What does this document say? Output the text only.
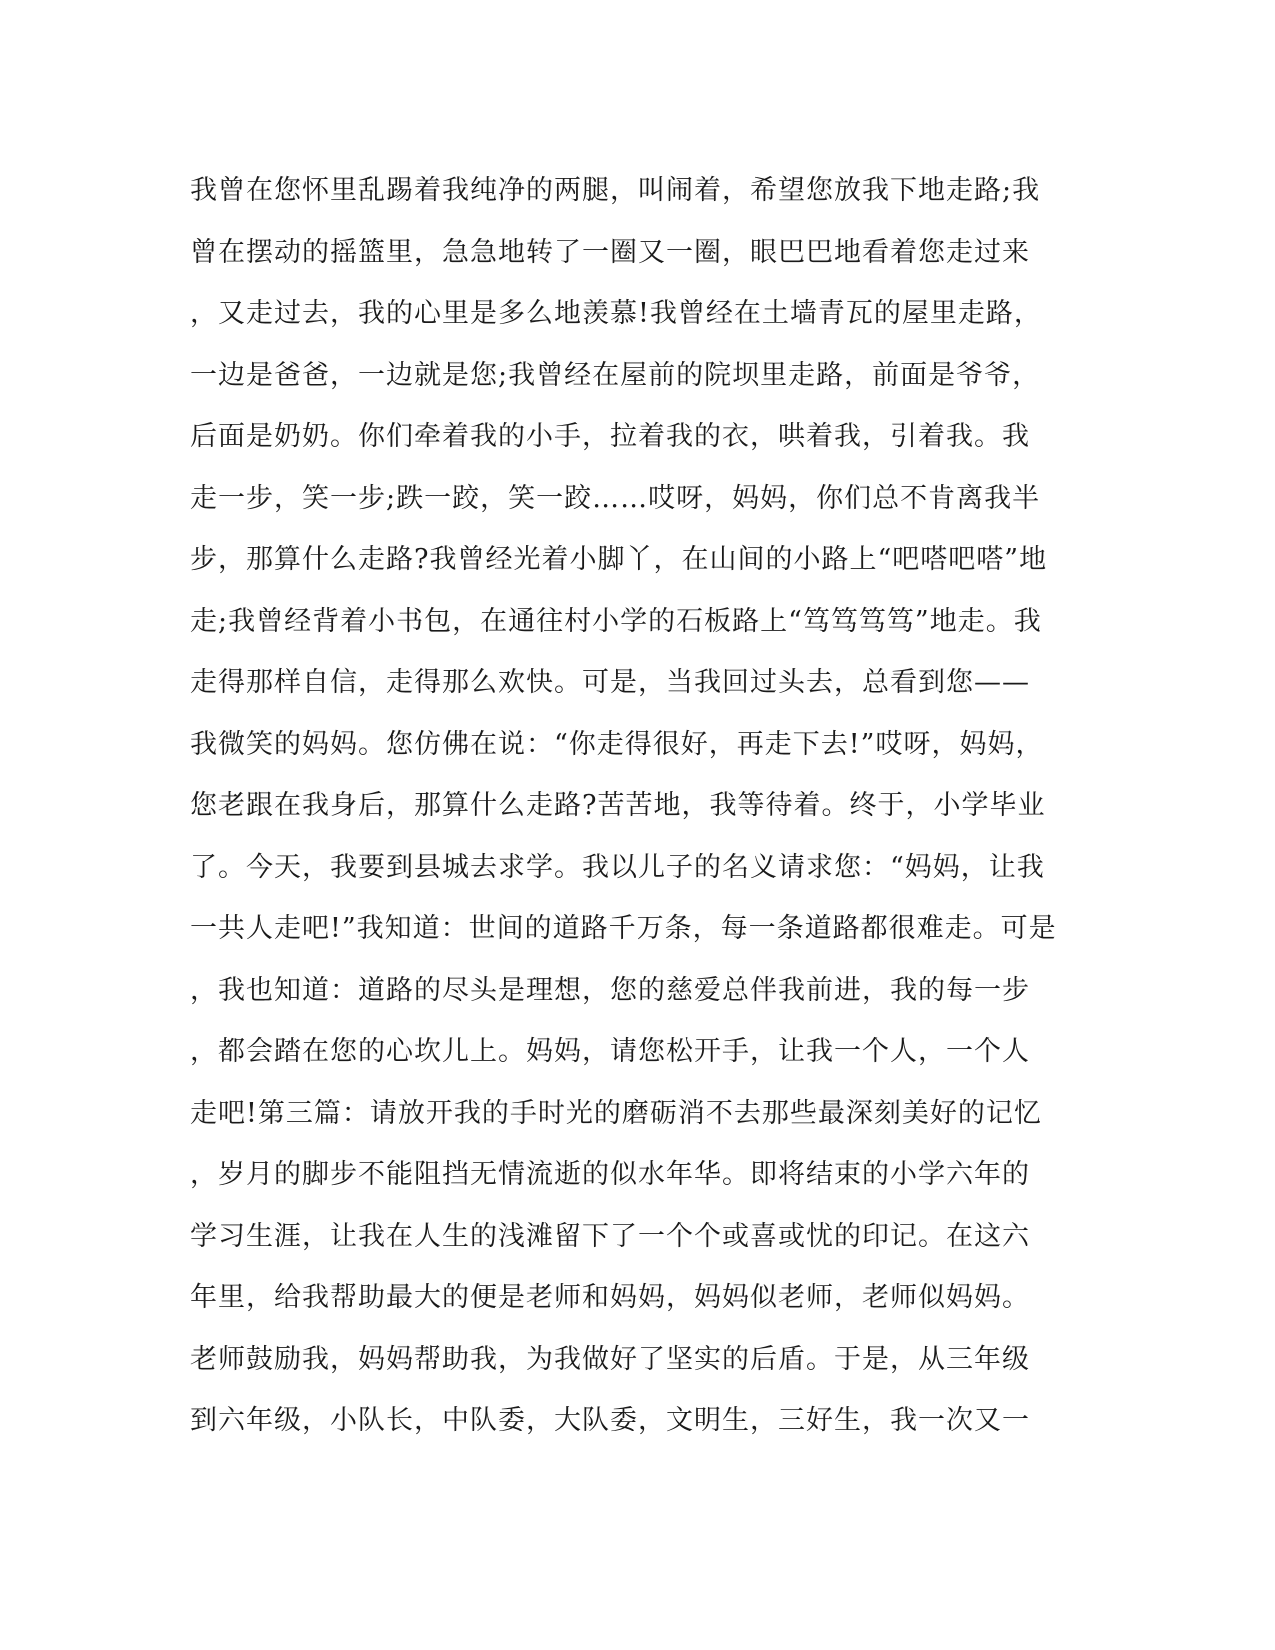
我曾在您怀里乱踢着我纯净的两腿，叫闹着，希望您放我下地走路;我
曾在摆动的摇篮里，急急地转了一圈又一圈，眼巴巴地看着您走过来
，又走过去，我的心里是多么地羡慕!我曾经在土墙青瓦的屋里走路，
一边是爸爸，一边就是您;我曾经在屋前的院坝里走路，前面是爷爷，
后面是奶奶。你们牵着我的小手，拉着我的衣，哄着我，引着我。我
走一步，笑一步;跌一跤，笑一跤……哎呀，妈妈，你们总不肯离我半
步，那算什么走路?我曾经光着小脚丫，在山间的小路上“吧嗒吧嗒”地
走;我曾经背着小书包，在通往村小学的石板路上“笃笃笃笃”地走。我
走得那样自信，走得那么欢快。可是，当我回过头去，总看到您——
我微笑的妈妈。您仿佛在说：“你走得很好，再走下去!”哎呀，妈妈，
您老跟在我身后，那算什么走路?苦苦地，我等待着。终于，小学毕业
了。今天，我要到县城去求学。我以儿子的名义请求您：“妈妈，让我
一共人走吧!”我知道：世间的道路千万条，每一条道路都很难走。可是
，我也知道：道路的尽头是理想，您的慈爱总伴我前进，我的每一步
，都会踏在您的心坎儿上。妈妈，请您松开手，让我一个人，一个人
走吧!第三篇：请放开我的手时光的磨砺消不去那些最深刻美好的记忆
，岁月的脚步不能阻挡无情流逝的似水年华。即将结束的小学六年的
学习生涯，让我在人生的浅滩留下了一个个或喜或忧的印记。在这六
年里，给我帮助最大的便是老师和妈妈，妈妈似老师，老师似妈妈。
老师鼓励我，妈妈帮助我，为我做好了坚实的后盾。于是，从三年级
到六年级，小队长，中队委，大队委，文明生，三好生，我一次又一
